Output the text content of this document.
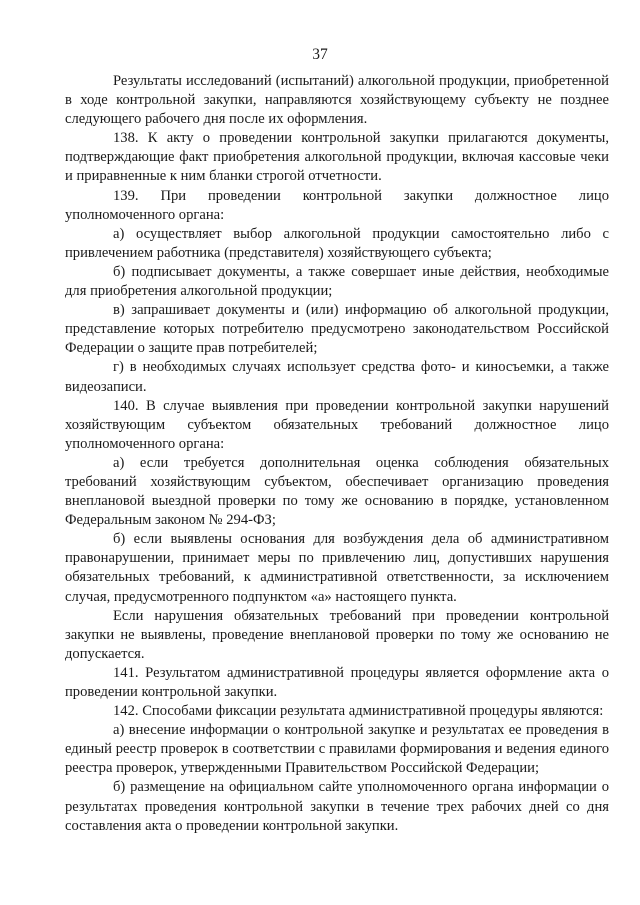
37

Результаты исследований (испытаний) алкогольной продукции, приобретенной в ходе контрольной закупки, направляются хозяйствующему субъекту не позднее следующего рабочего дня после их оформления.

138. К акту о проведении контрольной закупки прилагаются документы, подтверждающие факт приобретения алкогольной продукции, включая кассовые чеки и приравненные к ним бланки строгой отчетности.

139. При проведении контрольной закупки должностное лицо уполномоченного органа:

а) осуществляет выбор алкогольной продукции самостоятельно либо с привлечением работника (представителя) хозяйствующего субъекта;

б) подписывает документы, а также совершает иные действия, необходимые для приобретения алкогольной продукции;

в) запрашивает документы и (или) информацию об алкогольной продукции, представление которых потребителю предусмотрено законодательством Российской Федерации о защите прав потребителей;

г) в необходимых случаях использует средства фото- и киносъемки, а также видеозаписи.

140. В случае выявления при проведении контрольной закупки нарушений хозяйствующим субъектом обязательных требований должностное лицо уполномоченного органа:

а) если требуется дополнительная оценка соблюдения обязательных требований хозяйствующим субъектом, обеспечивает организацию проведения внеплановой выездной проверки по тому же основанию в порядке, установленном Федеральным законом № 294-ФЗ;

б) если выявлены основания для возбуждения дела об административном правонарушении, принимает меры по привлечению лиц, допустивших нарушения обязательных требований, к административной ответственности, за исключением случая, предусмотренного подпунктом «а» настоящего пункта.

Если нарушения обязательных требований при проведении контрольной закупки не выявлены, проведение внеплановой проверки по тому же основанию не допускается.

141. Результатом административной процедуры является оформление акта о проведении контрольной закупки.

142. Способами фиксации результата административной процедуры являются:

а) внесение информации о контрольной закупке и результатах ее проведения в единый реестр проверок в соответствии с правилами формирования и ведения единого реестра проверок, утвержденными Правительством Российской Федерации;

б) размещение на официальном сайте уполномоченного органа информации о результатах проведения контрольной закупки в течение трех рабочих дней со дня составления акта о проведении контрольной закупки.
